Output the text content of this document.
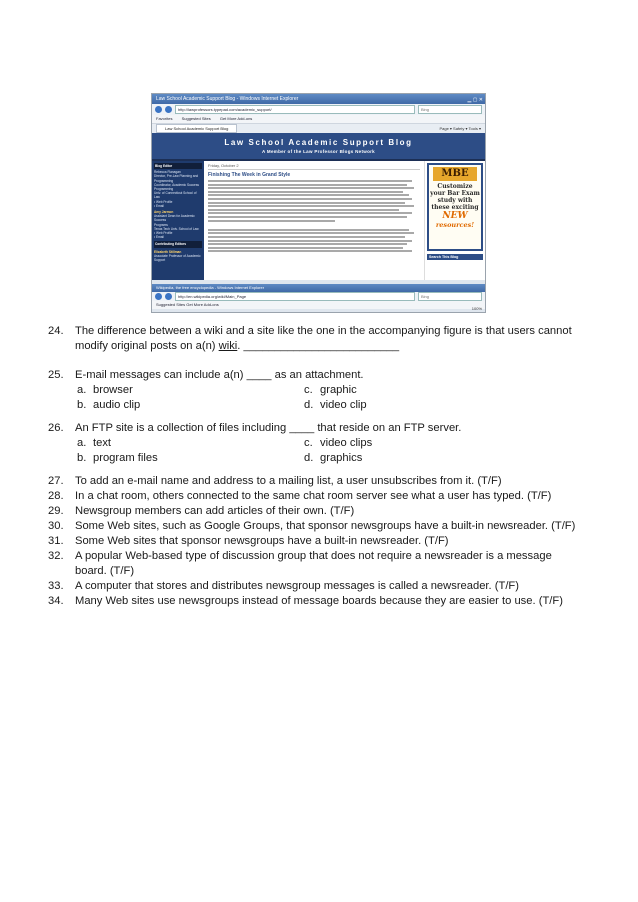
Law School Academic Support Blog - Windows Internet Explorer	▁ ▢ ✕
http://lawprofessors.typepad.com/academic_support/	Bing
Favorites Suggested Sites Get More Add-ons
Law School Academic Support Blog	Page ▾ Safety ▾ Tools ▾
Law School Academic Support Blog
A Member of the Law Professor Blogs Network
Blog Editor
Rebecca Flanagan
Director, Pre-Law Planning and
Programming
Coordinator, Academic Success
Programming
Univ. of Connecticut School of Law
• Web Profile
• Email
Amy Jarmon
Assistant Dean for Academic Success
Programs
Texas Tech Univ. School of Law
• Web Profile
• Email
Contributing Editors
Elizabeth Stillman
Associate Professor of Academic
Support
Friday, October 2
Finishing The Week in Grand Style	MBE
Customize
your Bar Exam
study with
these exciting
NEW
resources!
Search This Blog
Wikipedia, the free encyclopedia - Windows Internet Explorer
http://en.wikipedia.org/wiki/Main_Page	Bing
Suggested Sites Get More Add-ons
100%
24. The difference between a wiki and a site like the one in the accompanying figure is that users cannot
modify original posts on a(n) wiki. _________________________
25. E-mail messages can include a(n) ____ as an attachment.
a. browser
b. audio clip
c. graphic
d. video clip
26. An FTP site is a collection of files including ____ that reside on an FTP server.
a. text
b. program files
c. video clips
d. graphics
27. To add an e-mail name and address to a mailing list, a user unsubscribes from it. (T/F)
28. In a chat room, others connected to the same chat room server see what a user has typed. (T/F)
29. Newsgroup members can add articles of their own. (T/F)
30. Some Web sites, such as Google Groups, that sponsor newsgroups have a built-in newsreader. (T/F)
31. Some Web sites that sponsor newsgroups have a built-in newsreader. (T/F)
32. A popular Web-based type of discussion group that does not require a newsreader is a message
board. (T/F)
33. A computer that stores and distributes newsgroup messages is called a newsreader. (T/F)
34. Many Web sites use newsgroups instead of message boards because they are easier to use. (T/F)
